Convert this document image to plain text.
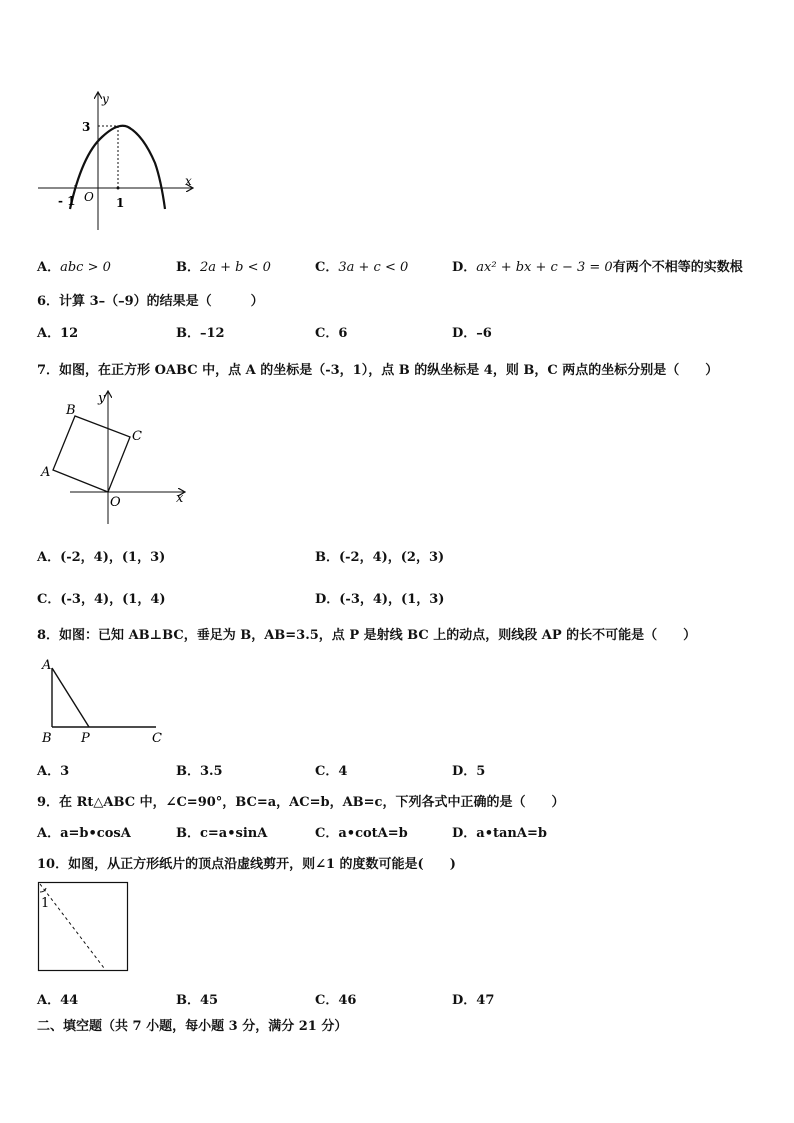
y
x
3
- 1 O 1
A．abc > 0	B．2a + b < 0	C．3a + c < 0	D．ax² + bx + c − 3 = 0有两个不相等的实数根
6．计算 3–（–9）的结果是（　　　）
A．12	B．–12	C．6	D．–6
7．如图，在正方形 OABC 中，点 A 的坐标是（-3，1），点 B 的纵坐标是 4，则 B，C 两点的坐标分别是（　　）
B
C
A
O	x
y
A．(-2，4)，(1，3)	B．(-2，4)，(2，3)
C．(-3，4)，(1，4)	D．(-3，4)，(1，3)
8．如图：已知 AB⊥BC，垂足为 B，AB=3.5，点 P 是射线 BC 上的动点，则线段 AP 的长不可能是（　　）
A
B P	C
A．3	B．3.5	C．4	D．5
9．在 Rt△ABC 中，∠C=90°，BC=a，AC=b，AB=c，下列各式中正确的是（　　）
A．a=b•cosA	B．c=a•sinA	C．a•cotA=b	D．a•tanA=b
10．如图，从正方形纸片的顶点沿虚线剪开，则∠1 的度数可能是(　　)
1
A．44	B．45	C．46	D．47
二、填空题（共 7 小题，每小题 3 分，满分 21 分）
